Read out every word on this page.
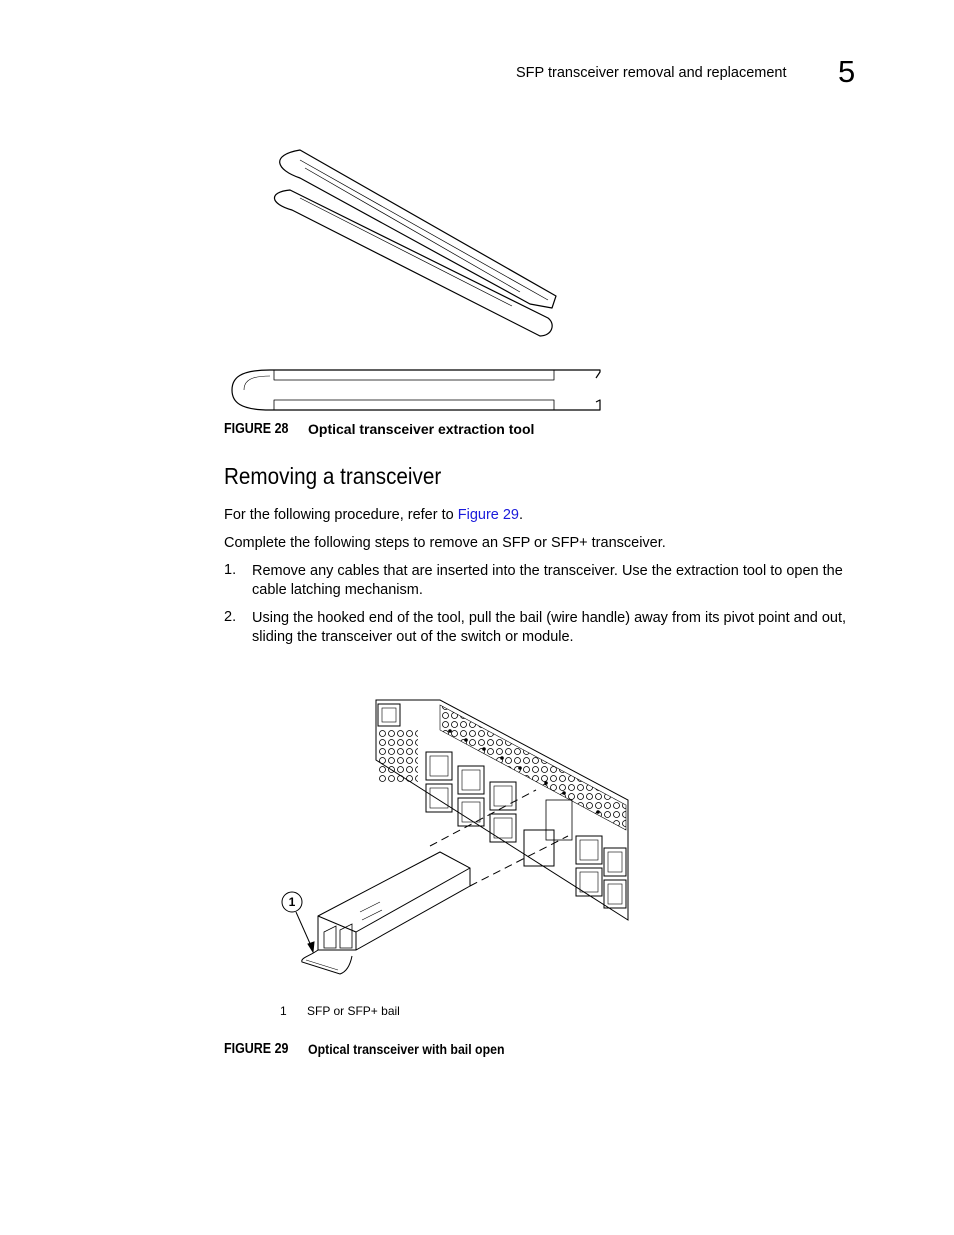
SFP transceiver removal and replacement 5
FIGURE 28 Optical transceiver extraction tool
Removing a transceiver
For the following procedure, refer to Figure 29.
Complete the following steps to remove an SFP or SFP+ transceiver.
1. Remove any cables that are inserted into the transceiver. Use the extraction tool to open the cable latching mechanism.
2. Using the hooked end of the tool, pull the bail (wire handle) away from its pivot point and out, sliding the transceiver out of the switch or module.
1
1 SFP or SFP+ bail
FIGURE 29 Optical transceiver with bail open
